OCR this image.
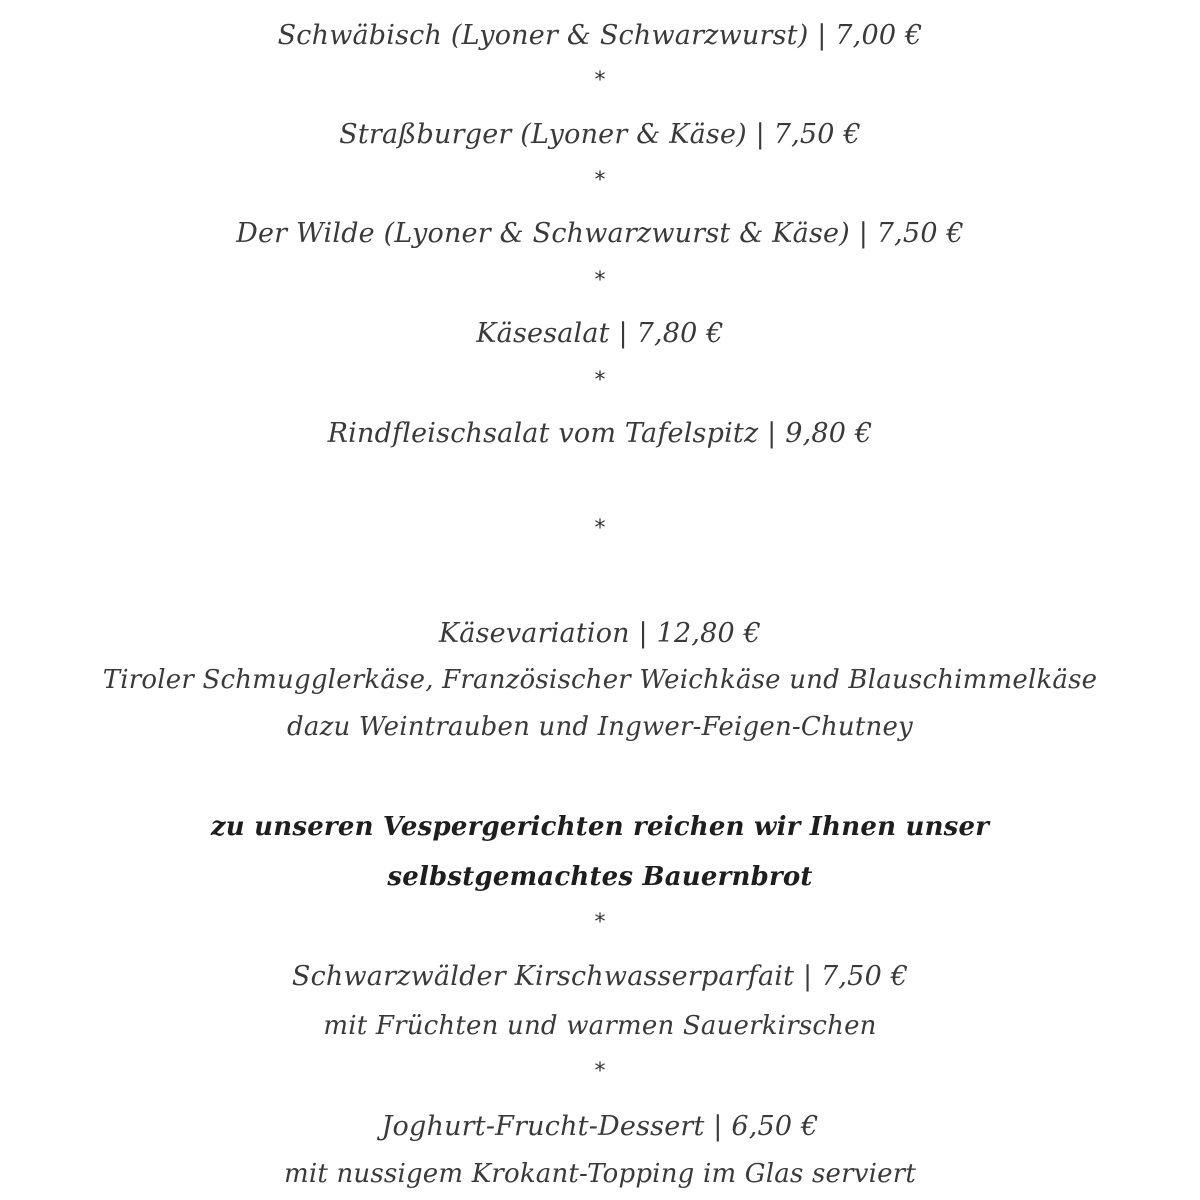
Schwäbisch (Lyoner & Schwarzwurst) | 7,00 €
*
Straßburger (Lyoner & Käse) | 7,50 €
*
Der Wilde (Lyoner & Schwarzwurst & Käse) | 7,50 €
*
Käsesalat | 7,80 €
*
Rindfleischsalat vom Tafelspitz | 9,80 €
*
Käsevariation | 12,80 €
Tiroler Schmugglerkäse, Französischer Weichkäse und Blauschimmelkäse
dazu Weintrauben und Ingwer-Feigen-Chutney
zu unseren Vespergerichten reichen wir Ihnen unser
selbstgemachtes Bauernbrot
*
Schwarzwälder Kirschwasserparfait | 7,50 €
mit Früchten und warmen Sauerkirschen
*
Joghurt-Frucht-Dessert | 6,50 €
mit nussigem Krokant-Topping im Glas serviert
